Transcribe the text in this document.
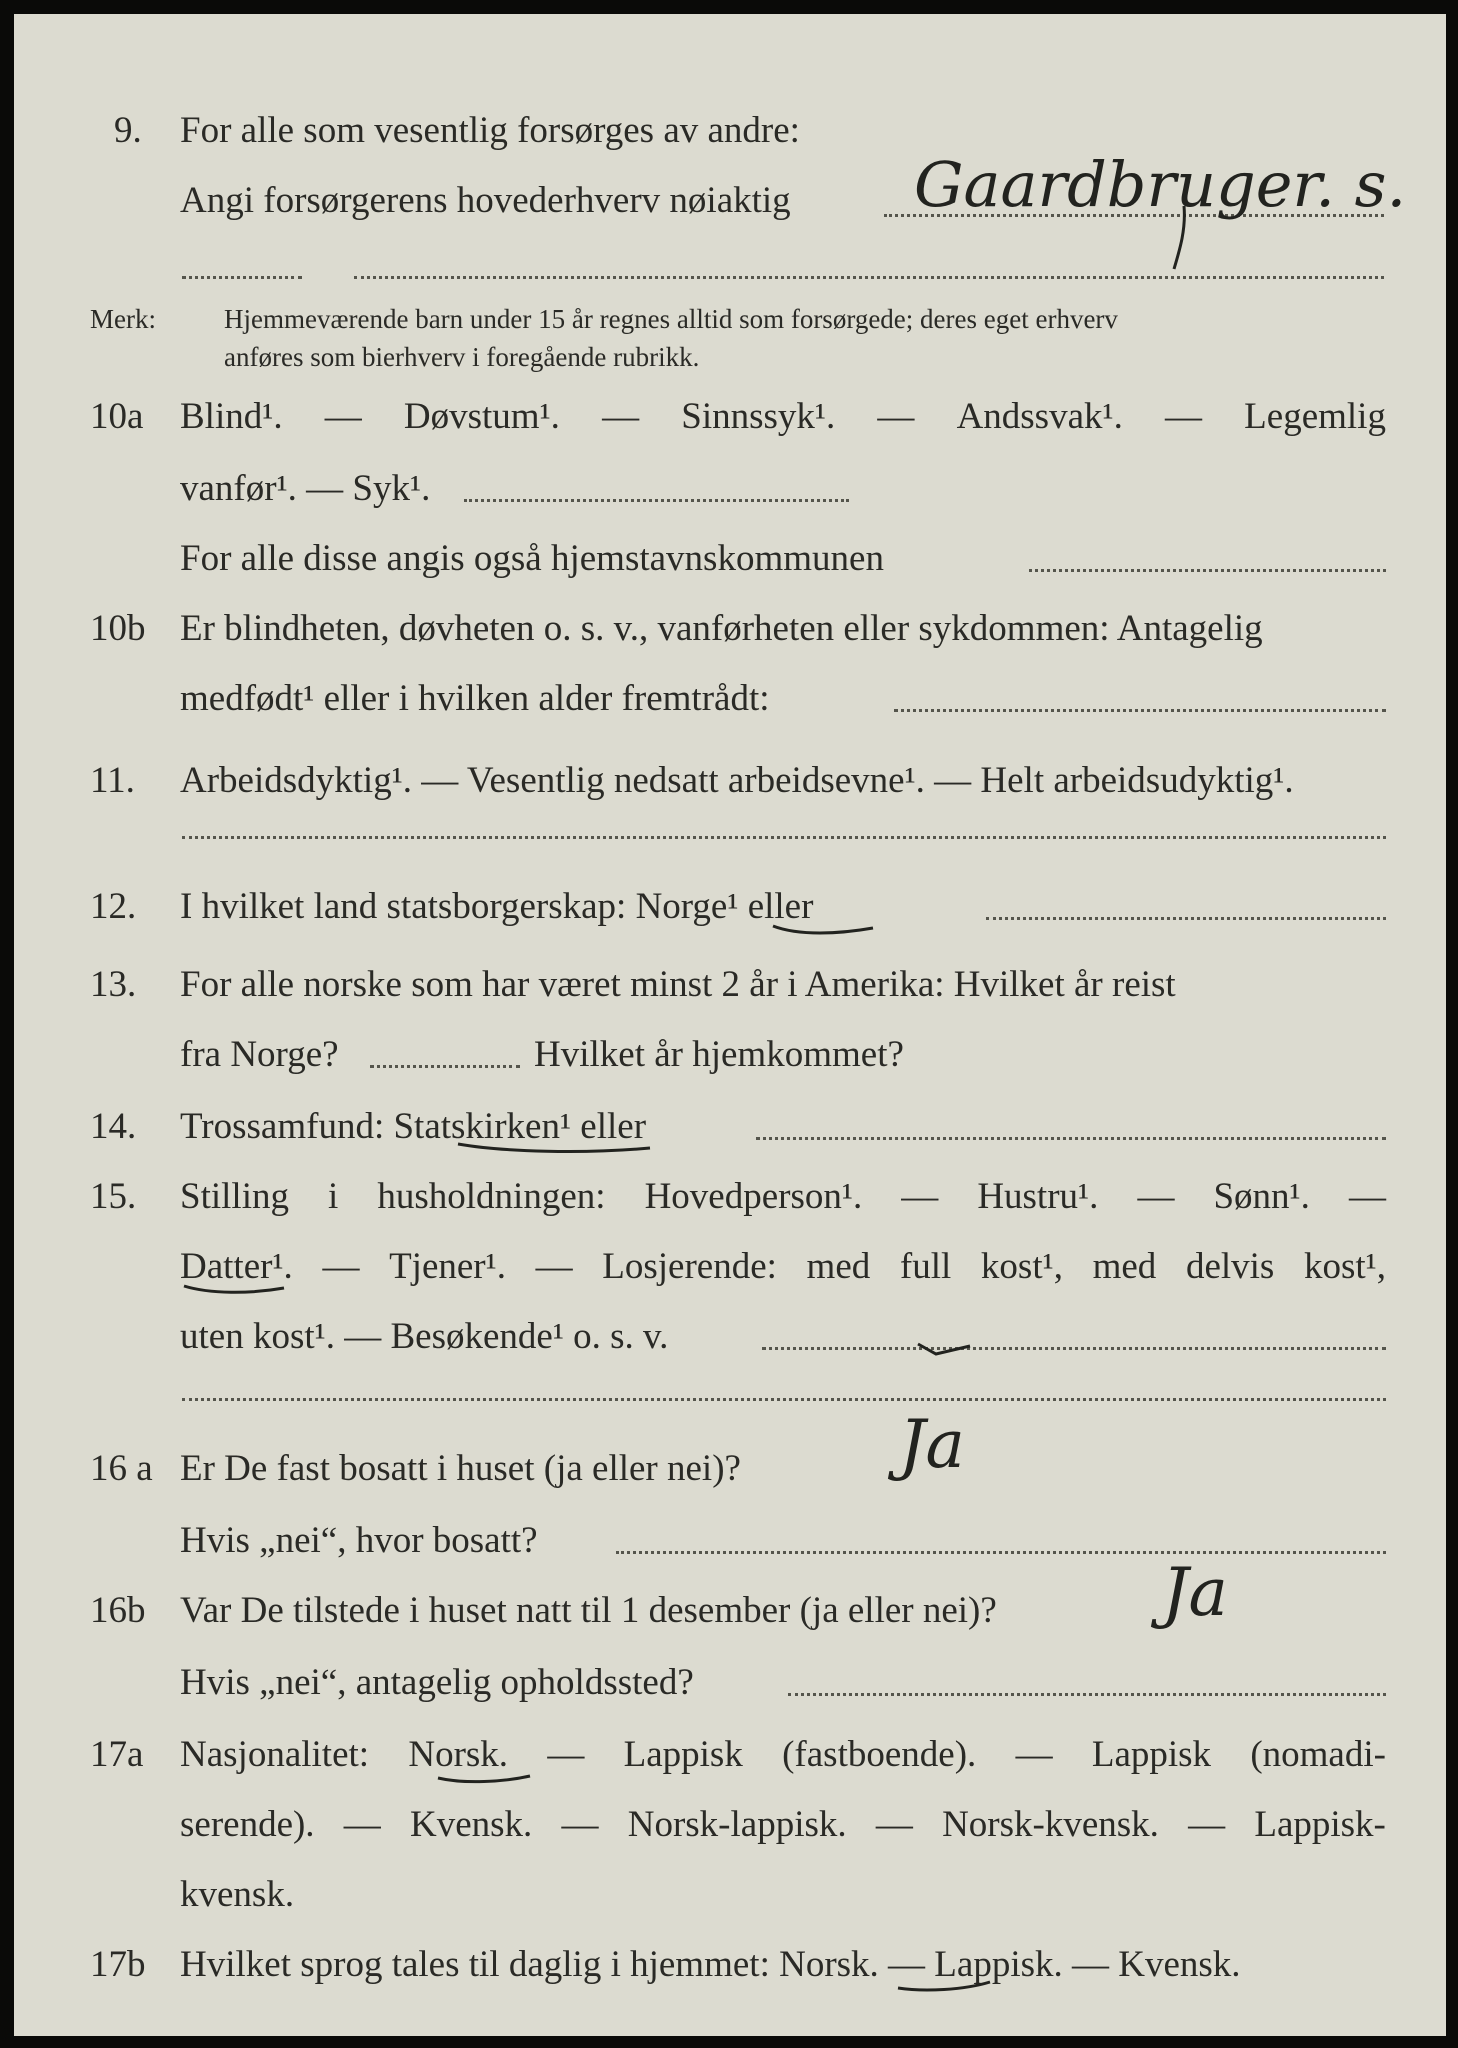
9. For alle som vesentlig forsørges av andre:
Angi forsørgerens hovederhverv nøiaktig Gaardbruger. s.
Merk:	Hjemmeværende barn under 15 år regnes alltid som forsørgede; deres eget erhverv
anføres som bierhverv i foregående rubrikk.
10a Blind¹. — Døvstum¹. — Sinnssyk¹. — Andssvak¹. — Legemlig
vanfør¹. — Syk¹.
For alle disse angis også hjemstavnskommunen
10b Er blindheten, døvheten o. s. v., vanførheten eller sykdommen: Antagelig
medfødt¹ eller i hvilken alder fremtrådt:
11. Arbeidsdyktig¹. — Vesentlig nedsatt arbeidsevne¹. — Helt arbeidsudyktig¹.
12. I hvilket land statsborgerskap: Norge¹ eller
13. For alle norske som har været minst 2 år i Amerika: Hvilket år reist
fra Norge?	Hvilket år hjemkommet?
14. Trossamfund: Statskirken¹ eller
15. Stilling i husholdningen: Hovedperson¹. — Hustru¹. — Sønn¹. —
Datter¹. — Tjener¹. — Losjerende: med full kost¹, med delvis kost¹,
uten kost¹. — Besøkende¹ o. s. v.
16 a Er De fast bosatt i huset (ja eller nei)? Ja
Hvis „nei“, hvor bosatt?
16b Var De tilstede i huset natt til 1 desember (ja eller nei)?	Ja
Hvis „nei“, antagelig opholdssted?
17a Nasjonalitet: Norsk. — Lappisk (fastboende). — Lappisk (nomadi-
serende). — Kvensk. — Norsk-lappisk. — Norsk-kvensk. — Lappisk-
kvensk.
17b Hvilket sprog tales til daglig i hjemmet: Norsk. — Lappisk. — Kvensk.
